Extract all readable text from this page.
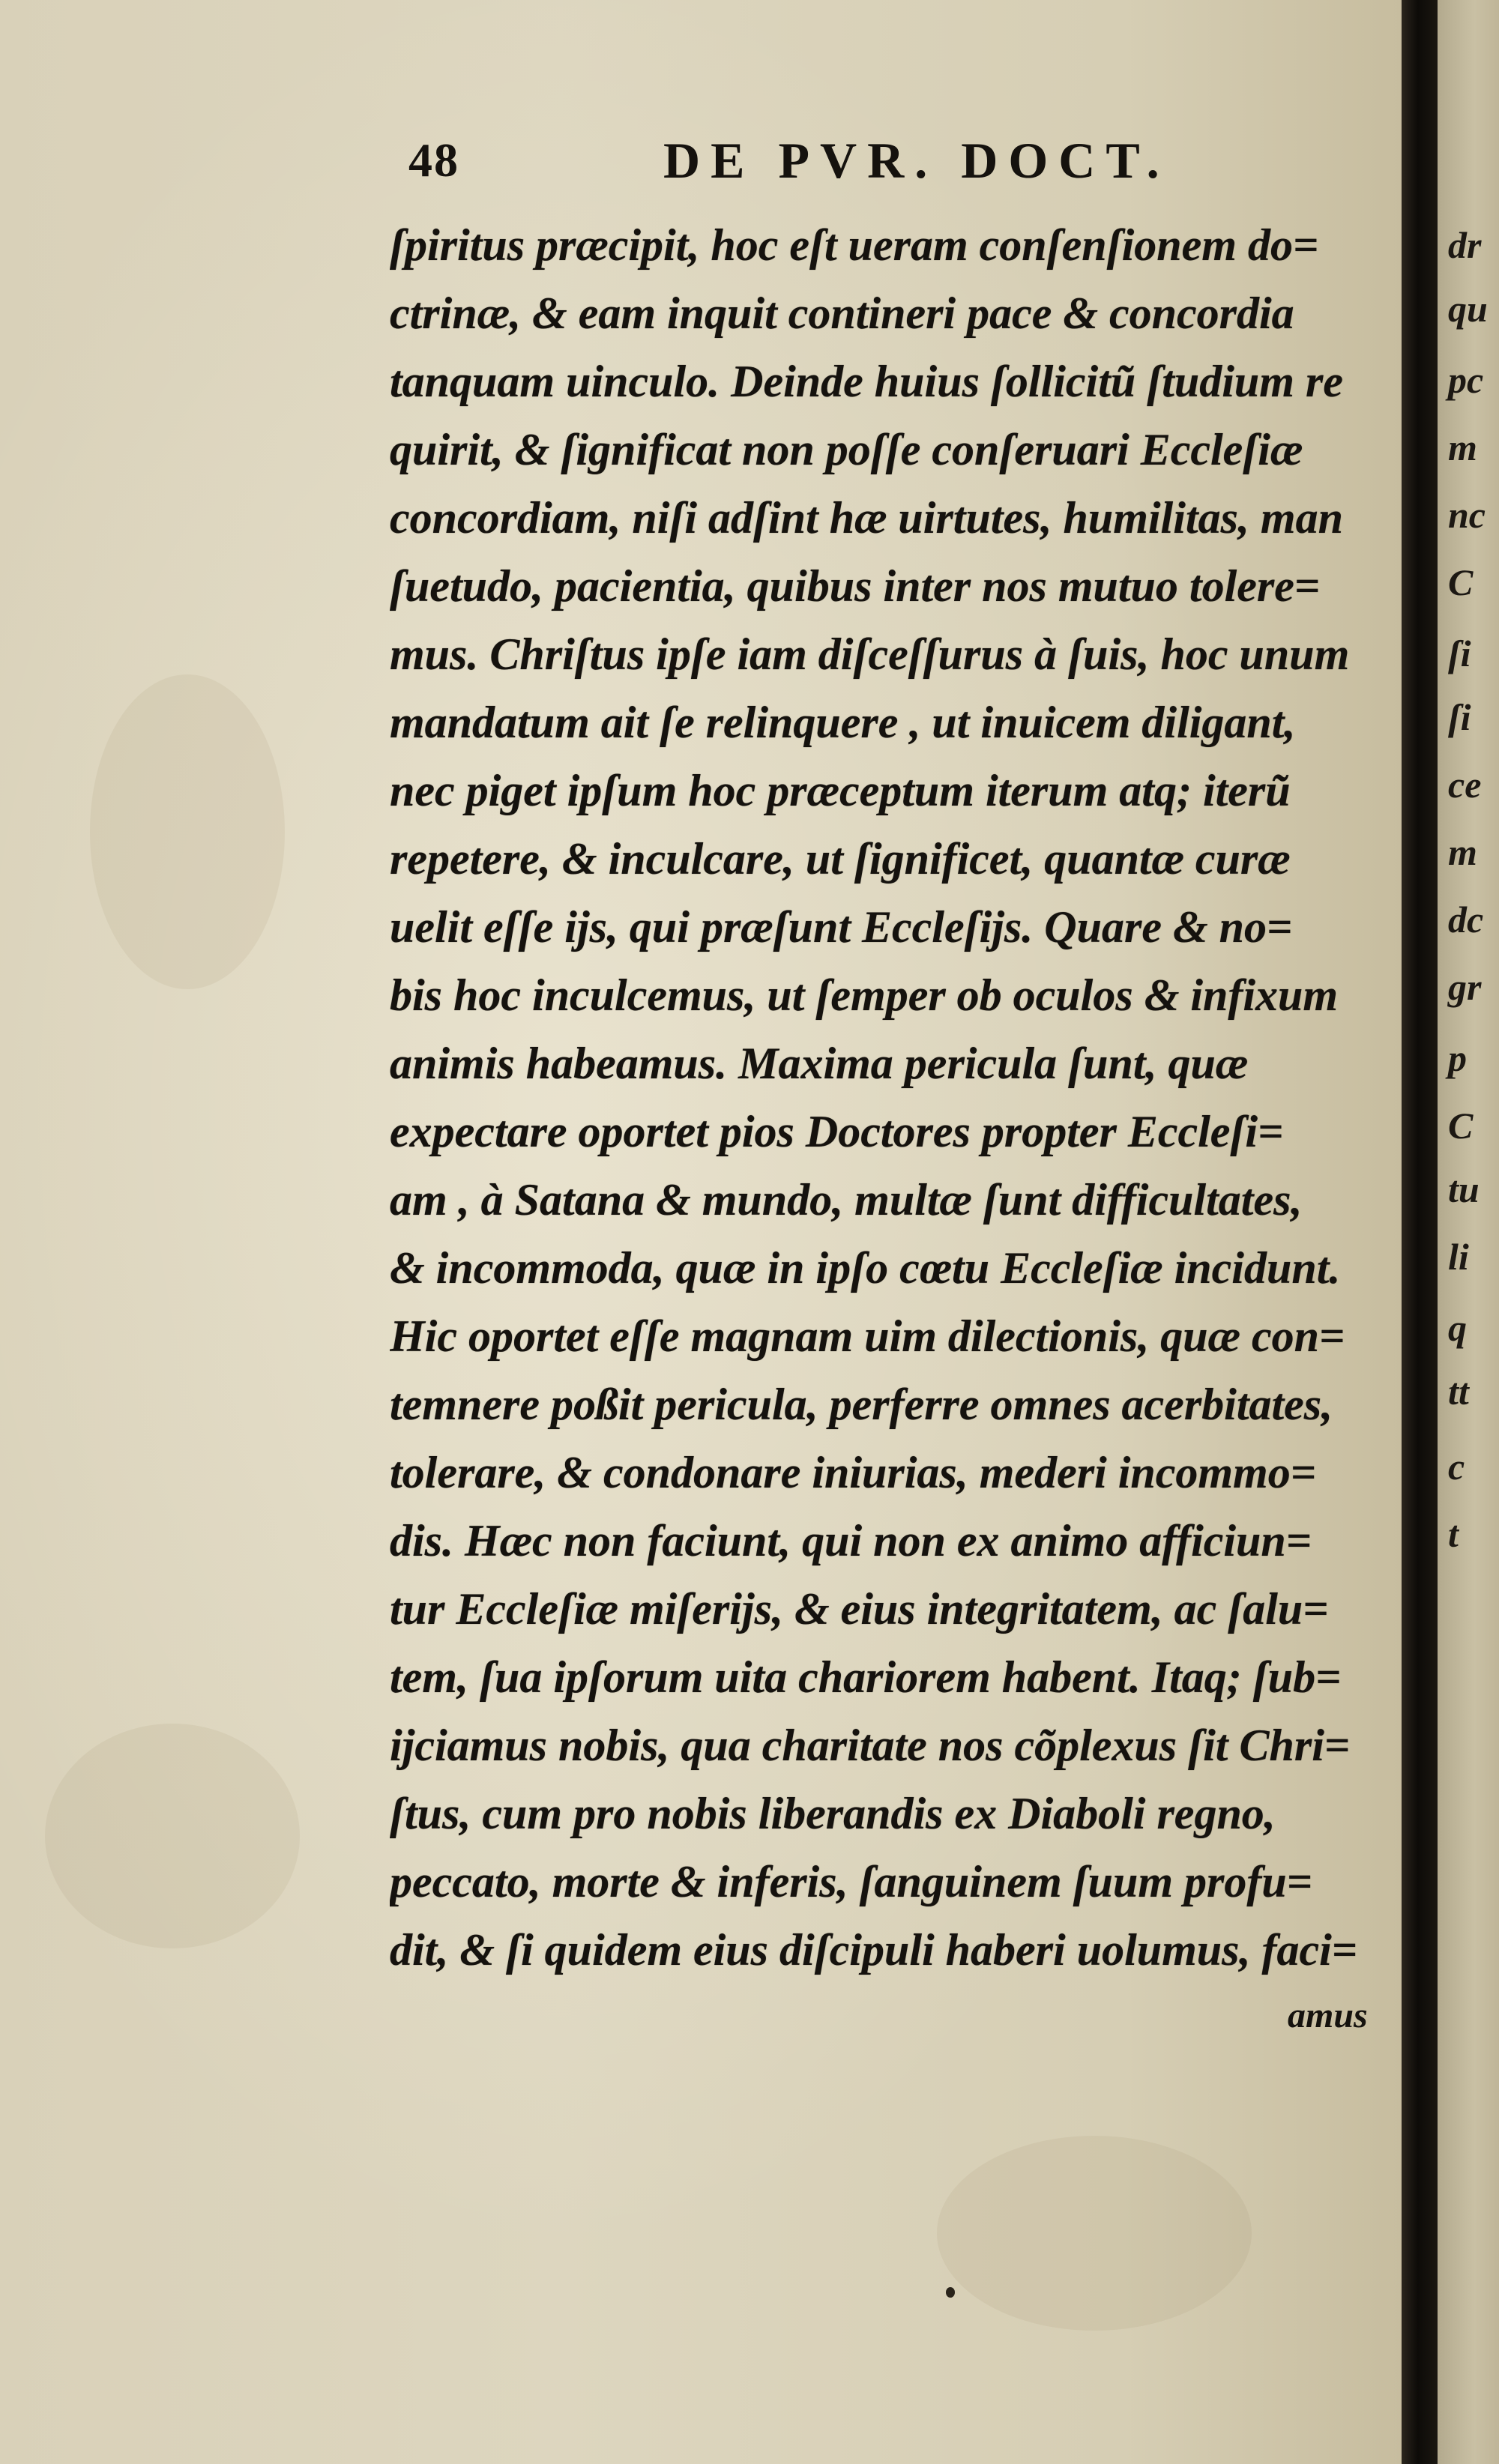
48	DE PVR. DOCT.
ſpiritus præcipit, hoc eſt ueram conſenſionem do=
ctrinæ, & eam inquit contineri pace & concordia
tanquam uinculo. Deinde huius ſollicitũ ſtudium re
quirit, & ſignificat non poſſe conſeruari Eccleſiæ
concordiam, niſi adſint hæ uirtutes, humilitas, man
ſuetudo, pacientia, quibus inter nos mutuo tolere=
mus. Chriſtus ipſe iam diſceſſurus à ſuis, hoc unum
mandatum ait ſe relinquere , ut inuicem diligant,
nec piget ipſum hoc præceptum iterum atq; iterũ
repetere, & inculcare, ut ſignificet, quantæ curæ
uelit eſſe ijs, qui præſunt Eccleſijs. Quare & no=
bis hoc inculcemus, ut ſemper ob oculos & infixum
animis habeamus. Maxima pericula ſunt, quæ
expectare oportet pios Doctores propter Eccleſi=
am , à Satana & mundo, multæ ſunt difficultates,
& incommoda, quæ in ipſo cœtu Eccleſiæ incidunt.
Hic oportet eſſe magnam uim dilectionis, quæ con=
temnere poßit pericula, perferre omnes acerbitates,
tolerare, & condonare iniurias, mederi incommo=
dis. Hæc non faciunt, qui non ex animo afficiun=
tur Eccleſiæ miſerijs, & eius integritatem, ac ſalu=
tem, ſua ipſorum uita chariorem habent. Itaq; ſub=
ijciamus nobis, qua charitate nos cõplexus ſit Chri=
ſtus, cum pro nobis liberandis ex Diaboli regno,
peccato, morte & inferis, ſanguinem ſuum profu=
dit, & ſi quidem eius diſcipuli haberi uolumus, faci=
amus
dr
qu
pc
m
nc
C
ſi
ſi
ce
m
dc
gr
p
C
tu
li
q
tt
c
t
